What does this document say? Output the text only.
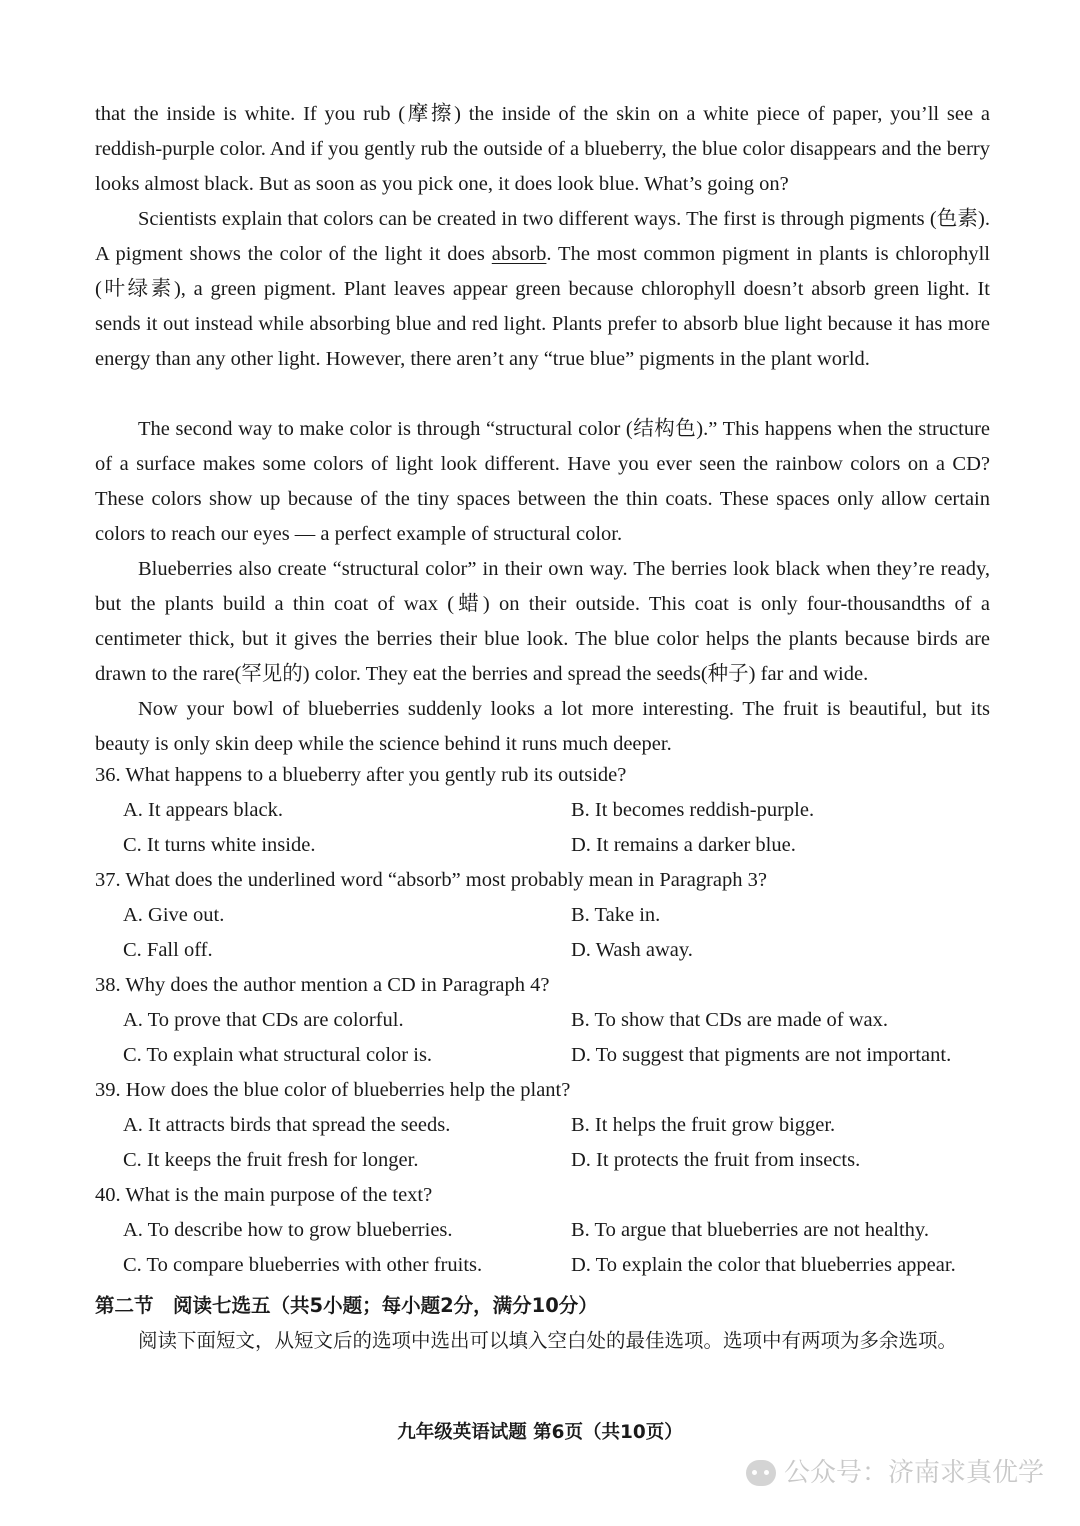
that the inside is white. If you rub (摩擦) the inside of the skin on a white piece of paper, you’ll see a reddish-purple color. And if you gently rub the outside of a blueberry, the blue color disappears and the berry looks almost black. But as soon as you pick one, it does look blue. What’s going on?

Scientists explain that colors can be created in two different ways. The first is through pigments (色素). A pigment shows the color of the light it does absorb. The most common pigment in plants is chlorophyll (叶绿素), a green pigment. Plant leaves appear green because chlorophyll doesn’t absorb green light. It sends it out instead while absorbing blue and red light. Plants prefer to absorb blue light because it has more energy than any other light. However, there aren’t any “true blue” pigments in the plant world.

The second way to make color is through “structural color (结构色).” This happens when the structure of a surface makes some colors of light look different. Have you ever seen the rainbow colors on a CD? These colors show up because of the tiny spaces between the thin coats. These spaces only allow certain colors to reach our eyes — a perfect example of structural color.

Blueberries also create “structural color” in their own way. The berries look black when they’re ready, but the plants build a thin coat of wax (蜡) on their outside. This coat is only four-thousandths of a centimeter thick, but it gives the berries their blue look. The blue color helps the plants because birds are drawn to the rare(罕见的) color. They eat the berries and spread the seeds(种子) far and wide.

Now your bowl of blueberries suddenly looks a lot more interesting. The fruit is beautiful, but its beauty is only skin deep while the science behind it runs much deeper.

36. What happens to a blueberry after you gently rub its outside?
A. It appears black.	B. It becomes reddish-purple.
C. It turns white inside.	D. It remains a darker blue.
37. What does the underlined word “absorb” most probably mean in Paragraph 3?
A. Give out.	B. Take in.
C. Fall off.	D. Wash away.
38. Why does the author mention a CD in Paragraph 4?
A. To prove that CDs are colorful.	B. To show that CDs are made of wax.
C. To explain what structural color is.	D. To suggest that pigments are not important.
39. How does the blue color of blueberries help the plant?
A. It attracts birds that spread the seeds.	B. It helps the fruit grow bigger.
C. It keeps the fruit fresh for longer.	D. It protects the fruit from insects.
40. What is the main purpose of the text?
A. To describe how to grow blueberries.	B. To argue that blueberries are not healthy.
C. To compare blueberries with other fruits.	D. To explain the color that blueberries appear.
第二节　阅读七选五（共5小题；每小题2分，满分10分）

阅读下面短文，从短文后的选项中选出可以填入空白处的最佳选项。选项中有两项为多余选项。

九年级英语试题 第6页（共10页）
公众号：济南求真优学
